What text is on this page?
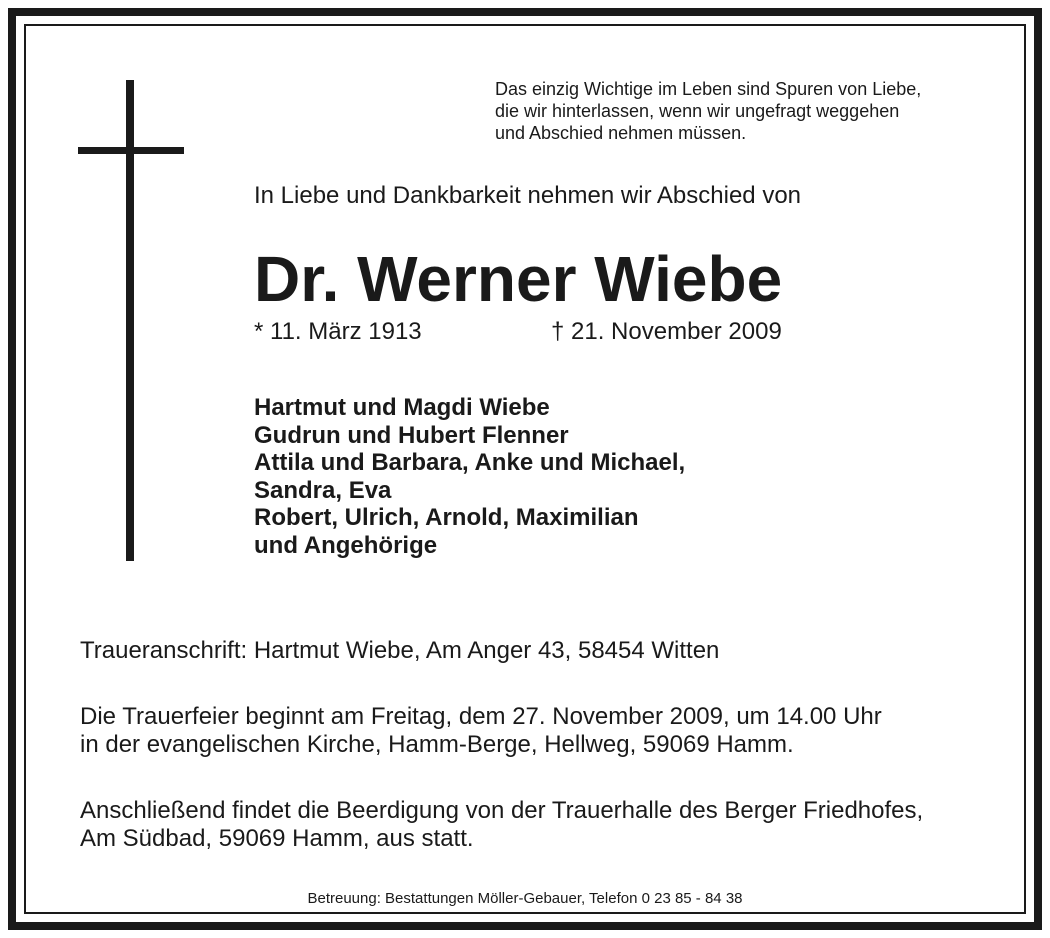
Das einzig Wichtige im Leben sind Spuren von Liebe,
die wir hinterlassen, wenn wir ungefragt weggehen
und Abschied nehmen müssen.

In Liebe und Dankbarkeit nehmen wir Abschied von

Dr. Werner Wiebe
* 11. März 1913	† 21. November 2009
Hartmut und Magdi Wiebe
Gudrun und Hubert Flenner
Attila und Barbara, Anke und Michael,
Sandra, Eva
Robert, Ulrich, Arnold, Maximilian
und Angehörige

Traueranschrift: Hartmut Wiebe, Am Anger 43, 58454 Witten

Die Trauerfeier beginnt am Freitag, dem 27. November 2009, um 14.00 Uhr
in der evangelischen Kirche, Hamm-Berge, Hellweg, 59069 Hamm.
Anschließend findet die Beerdigung von der Trauerhalle des Berger Friedhofes,
Am Südbad, 59069 Hamm, aus statt.

Betreuung: Bestattungen Möller-Gebauer, Telefon 0 23 85 - 84 38
